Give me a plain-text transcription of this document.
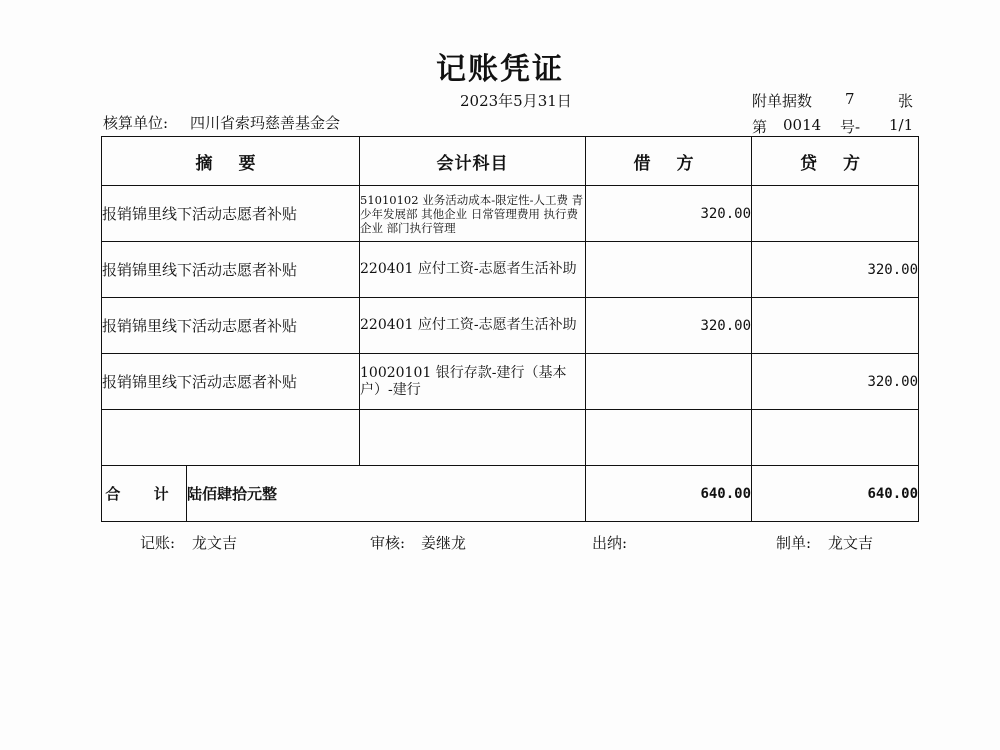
记账凭证
2023年5月31日
核算单位: 四川省索玛慈善基金会
附单据数 7	张
第 0014 号- 1/1
摘 要		会计科目	借 方	贷 方
报销锦里线下活动志愿者补贴		51010102 业务活动成本-限定性-人工费 青少年发展部 其他企业 日常管理费用 执行费 企业 部门执行管理	320.00	
报销锦里线下活动志愿者补贴		220401 应付工资-志愿者生活补助		320.00
报销锦里线下活动志愿者补贴		220401 应付工资-志愿者生活补助	320.00	
报销锦里线下活动志愿者补贴		10020101 银行存款-建行（基本户）-建行		320.00

合 计	陆佰肆拾元整		640.00	640.00
记账: 龙文吉	审核: 姜继龙	出纳:	制单: 龙文吉
